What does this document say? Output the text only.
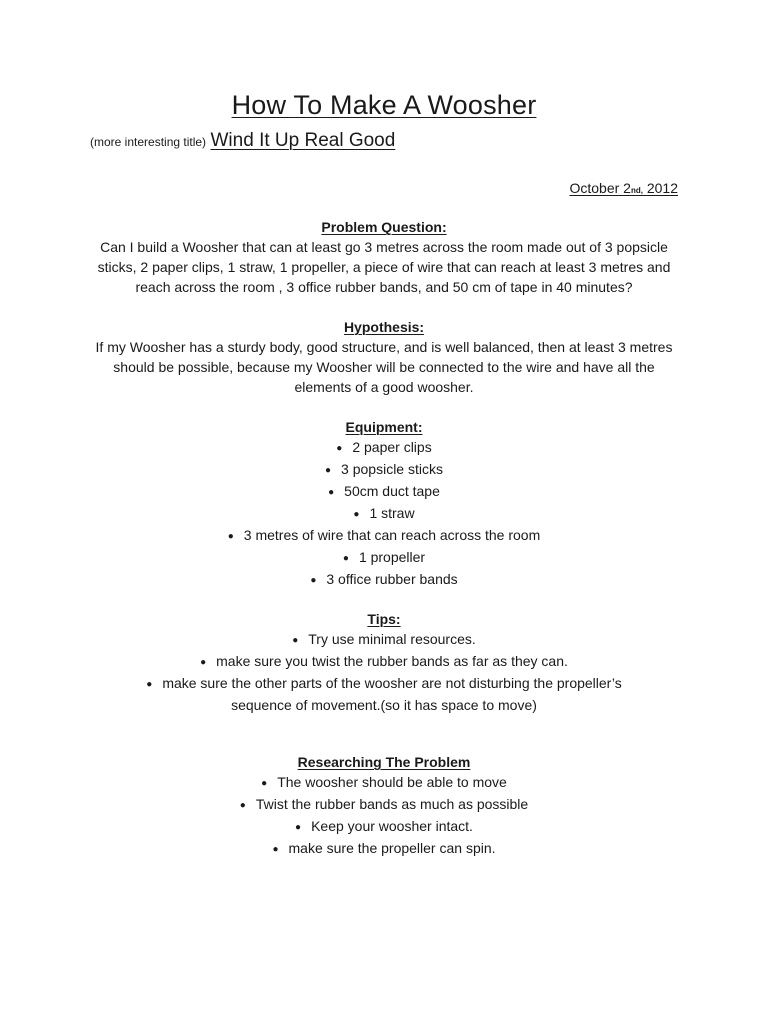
How To Make A Woosher
(more interesting title) Wind It Up Real Good
October 2nd, 2012

Problem Question:

Can I build a Woosher that can at least go 3 metres across the room made out of 3 popsicle sticks, 2 paper clips, 1 straw, 1 propeller, a piece of wire that can reach at least 3 metres and reach across the room , 3 office rubber bands, and 50 cm of tape in 40 minutes?

Hypothesis:

If my Woosher has a sturdy body, good structure, and is well balanced, then at least 3 metres should be possible, because my Woosher will be connected to the wire and have all the elements of a good woosher.

Equipment:

● 2 paper clips
● 3 popsicle sticks
● 50cm duct tape
● 1 straw
● 3 metres of wire that can reach across the room
● 1 propeller
● 3 office rubber bands

Tips:

● Try use minimal resources.
● make sure you twist the rubber bands as far as they can.
● make sure the other parts of the woosher are not disturbing the propeller’s sequence of movement.(so it has space to move)

Researching The Problem

● The woosher should be able to move
● Twist the rubber bands as much as possible
● Keep your woosher intact.
● make sure the propeller can spin.
